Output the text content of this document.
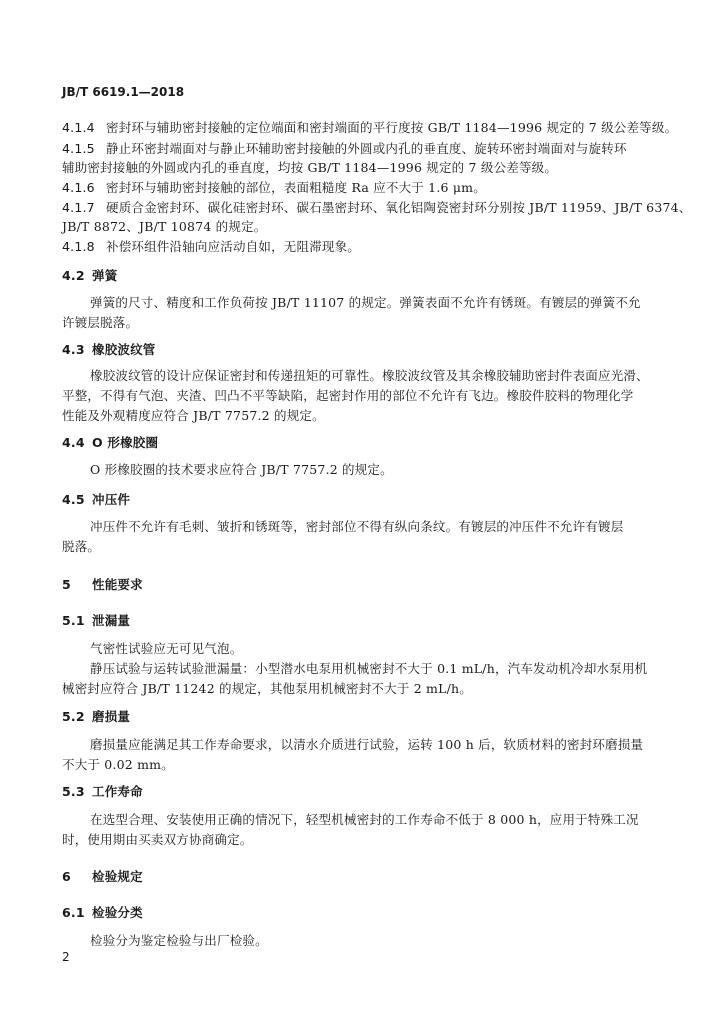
JB/T 6619.1—2018
4.1.4 密封环与辅助密封接触的定位端面和密封端面的平行度按 GB/T 1184—1996 规定的 7 级公差等级。
4.1.5 静止环密封端面对与静止环辅助密封接触的外圆或内孔的垂直度、旋转环密封端面对与旋转环
辅助密封接触的外圆或内孔的垂直度，均按 GB/T 1184—1996 规定的 7 级公差等级。
4.1.6 密封环与辅助密封接触的部位，表面粗糙度 Ra 应不大于 1.6 μm。
4.1.7 硬质合金密封环、碳化硅密封环、碳石墨密封环、氧化铝陶瓷密封环分别按 JB/T 11959、JB/T 6374、
JB/T 8872、JB/T 10874 的规定。
4.1.8 补偿环组件沿轴向应活动自如，无阻滞现象。
4.2 弹簧
弹簧的尺寸、精度和工作负荷按 JB/T 11107 的规定。弹簧表面不允许有锈斑。有镀层的弹簧不允
许镀层脱落。
4.3 橡胶波纹管
橡胶波纹管的设计应保证密封和传递扭矩的可靠性。橡胶波纹管及其余橡胶辅助密封件表面应光滑、
平整，不得有气泡、夹渣、凹凸不平等缺陷，起密封作用的部位不允许有飞边。橡胶件胶料的物理化学
性能及外观精度应符合 JB/T 7757.2 的规定。
4.4 O 形橡胶圈
O 形橡胶圈的技术要求应符合 JB/T 7757.2 的规定。
4.5 冲压件
冲压件不允许有毛刺、皱折和锈斑等，密封部位不得有纵向条纹。有镀层的冲压件不允许有镀层
脱落。
5 性能要求
5.1 泄漏量
气密性试验应无可见气泡。
静压试验与运转试验泄漏量：小型潜水电泵用机械密封不大于 0.1 mL/h，汽车发动机冷却水泵用机
械密封应符合 JB/T 11242 的规定，其他泵用机械密封不大于 2 mL/h。
5.2 磨损量
磨损量应能满足其工作寿命要求，以清水介质进行试验，运转 100 h 后，软质材料的密封环磨损量
不大于 0.02 mm。
5.3 工作寿命
在选型合理、安装使用正确的情况下，轻型机械密封的工作寿命不低于 8 000 h，应用于特殊工况
时，使用期由买卖双方协商确定。
6 检验规定
6.1 检验分类
检验分为鉴定检验与出厂检验。
2
